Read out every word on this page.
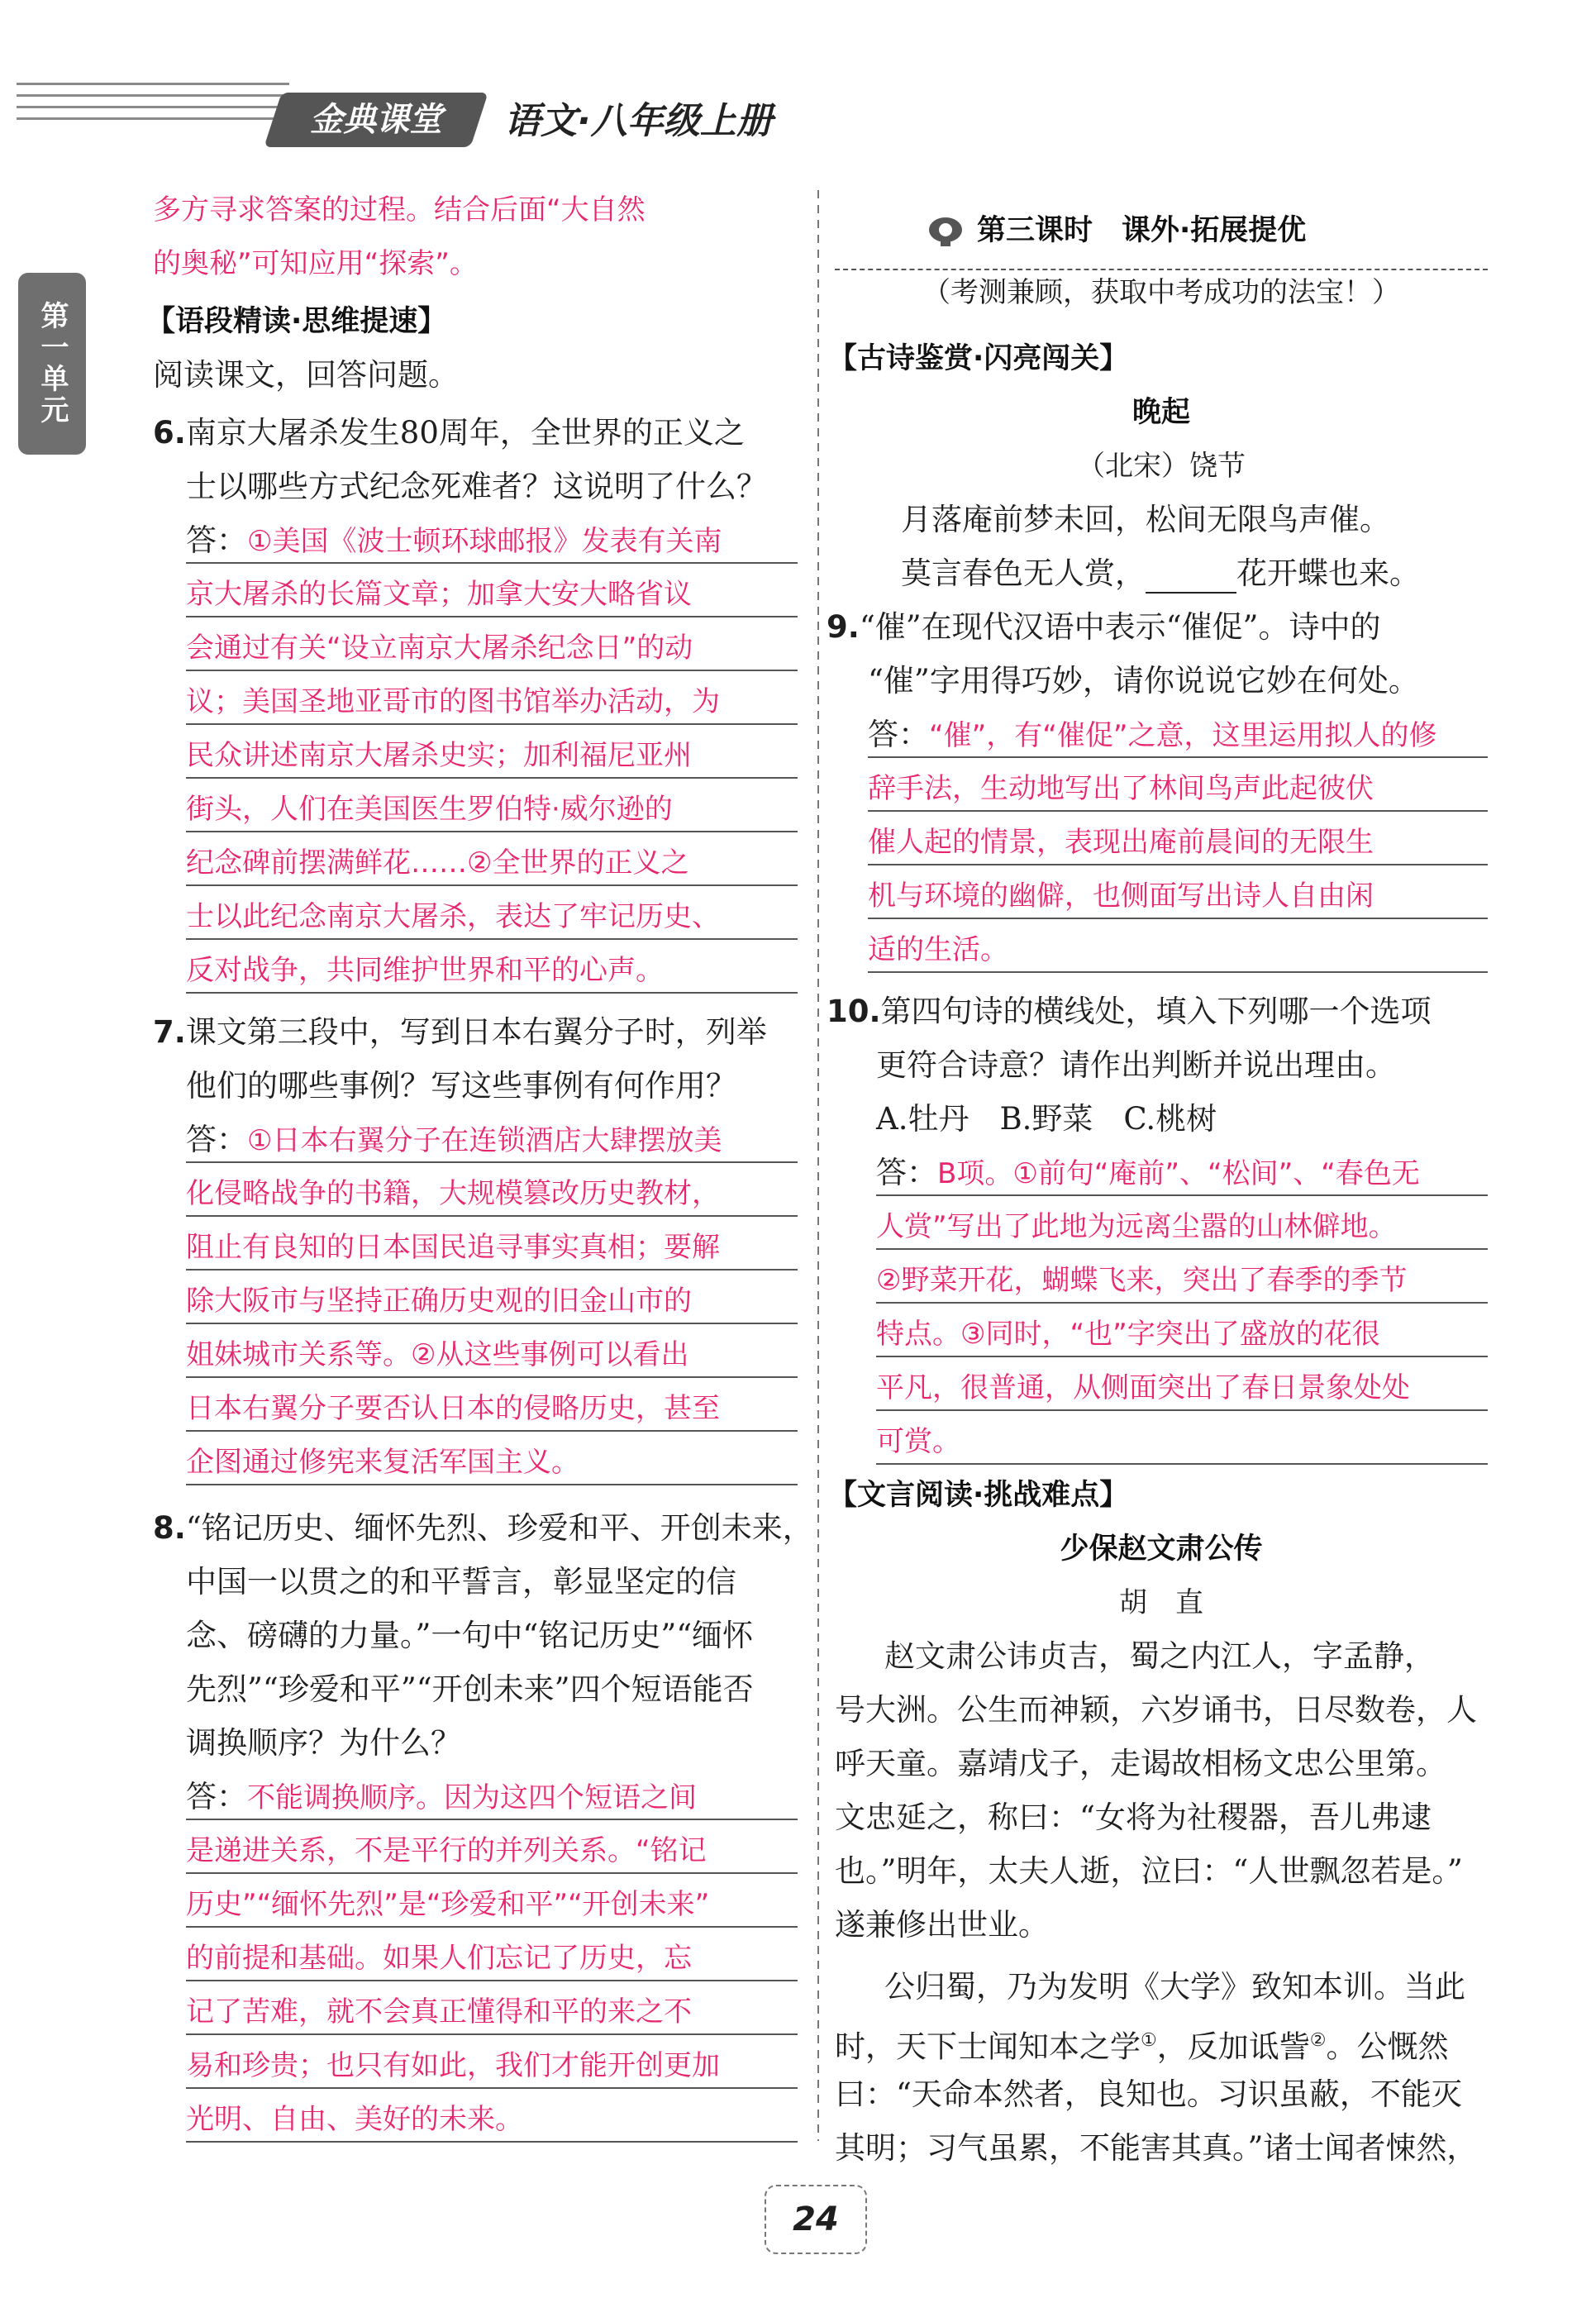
金典课堂	语文·八年级上册
第一单元
多方寻求答案的过程。结合后面“大自然
的奥秘”可知应用“探索”。
【语段精读·思维提速】
阅读课文，回答问题。
6.南京大屠杀发生80周年，全世界的正义之
士以哪些方式纪念死难者？这说明了什么？
答：①美国《波士顿环球邮报》发表有关南
京大屠杀的长篇文章；加拿大安大略省议
会通过有关“设立南京大屠杀纪念日”的动
议；美国圣地亚哥市的图书馆举办活动，为
民众讲述南京大屠杀史实；加利福尼亚州
街头，人们在美国医生罗伯特·威尔逊的
纪念碑前摆满鲜花……②全世界的正义之
士以此纪念南京大屠杀，表达了牢记历史、
反对战争，共同维护世界和平的心声。
7.课文第三段中，写到日本右翼分子时，列举
他们的哪些事例？写这些事例有何作用？
答：①日本右翼分子在连锁酒店大肆摆放美
化侵略战争的书籍，大规模篡改历史教材，
阻止有良知的日本国民追寻事实真相；要解
除大阪市与坚持正确历史观的旧金山市的
姐妹城市关系等。②从这些事例可以看出
日本右翼分子要否认日本的侵略历史，甚至
企图通过修宪来复活军国主义。
8.“铭记历史、缅怀先烈、珍爱和平、开创未来，
中国一以贯之的和平誓言，彰显坚定的信
念、磅礴的力量。”一句中“铭记历史”“缅怀
先烈”“珍爱和平”“开创未来”四个短语能否
调换顺序？为什么？
答：不能调换顺序。因为这四个短语之间
是递进关系，不是平行的并列关系。“铭记
历史”“缅怀先烈”是“珍爱和平”“开创未来”
的前提和基础。如果人们忘记了历史，忘
记了苦难，就不会真正懂得和平的来之不
易和珍贵；也只有如此，我们才能开创更加
光明、自由、美好的未来。
第三课时　课外·拓展提优
（考测兼顾，获取中考成功的法宝！）
【古诗鉴赏·闪亮闯关】
晚起
（北宋）饶节
月落庵前梦未回，松间无限鸟声催。
莫言春色无人赏，	花开蝶也来。
9.“催”在现代汉语中表示“催促”。诗中的
“催”字用得巧妙，请你说说它妙在何处。
答：“催”，有“催促”之意，这里运用拟人的修
辞手法，生动地写出了林间鸟声此起彼伏
催人起的情景，表现出庵前晨间的无限生
机与环境的幽僻，也侧面写出诗人自由闲
适的生活。
10.第四句诗的横线处，填入下列哪一个选项
更符合诗意？请作出判断并说出理由。
A.牡丹　B.野菜　C.桃树
答：B项。①前句“庵前”、“松间”、“春色无
人赏”写出了此地为远离尘嚣的山林僻地。
②野菜开花，蝴蝶飞来，突出了春季的季节
特点。③同时，“也”字突出了盛放的花很
平凡，很普通，从侧面突出了春日景象处处
可赏。
【文言阅读·挑战难点】
少保赵文肃公传
胡　直
赵文肃公讳贞吉，蜀之内江人，字孟静，
号大洲。公生而神颖，六岁诵书，日尽数卷，人
呼天童。嘉靖戊子，走谒故相杨文忠公里第。
文忠延之，称曰：“女将为社稷器，吾儿弗逮
也。”明年，太夫人逝，泣曰：“人世飘忽若是。”
遂兼修出世业。
公归蜀，乃为发明《大学》致知本训。当此
时，天下士闻知本之学①，反加诋訾②。公慨然
曰：“天命本然者，良知也。习识虽蔽，不能灭
其明；习气虽累，不能害其真。”诸士闻者悚然，
24
